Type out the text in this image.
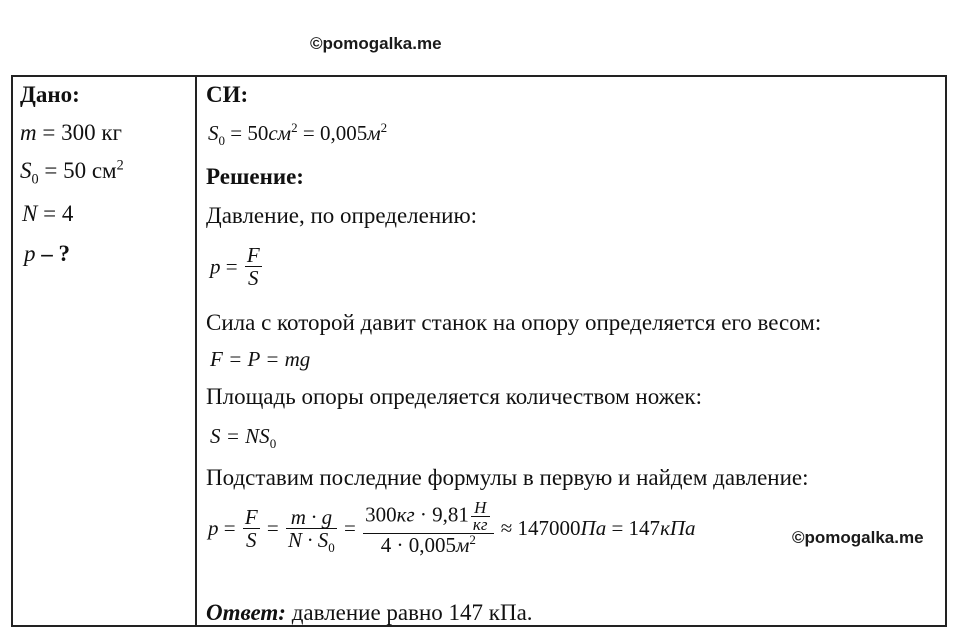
©pomogalka.me
©pomogalka.me
Дано:
m = 300 кг
$S_0 = 50$ $см^2$
N = 4
p – ?
СИ:
$S_0 = 50см^2 = 0,005м^2$
Решение:
Давление, по определению:
$p = \frac{F}{S}$
Сила с которой давит станок на опору определяется его весом:
F = P = mg
Площадь опоры определяется количеством ножек:
$S = NS_0$
Подставим последние формулы в первую и найдем давление:
$p = \frac{F}{S} = \frac{m \cdot g}{N \cdot S_0} = \frac{300кг \cdot 9,81 \frac{Н}{кг}}{4 \cdot 0,005м^2} \approx 147000Па = 147кПа$
Ответ: давление равно 147 кПа.
